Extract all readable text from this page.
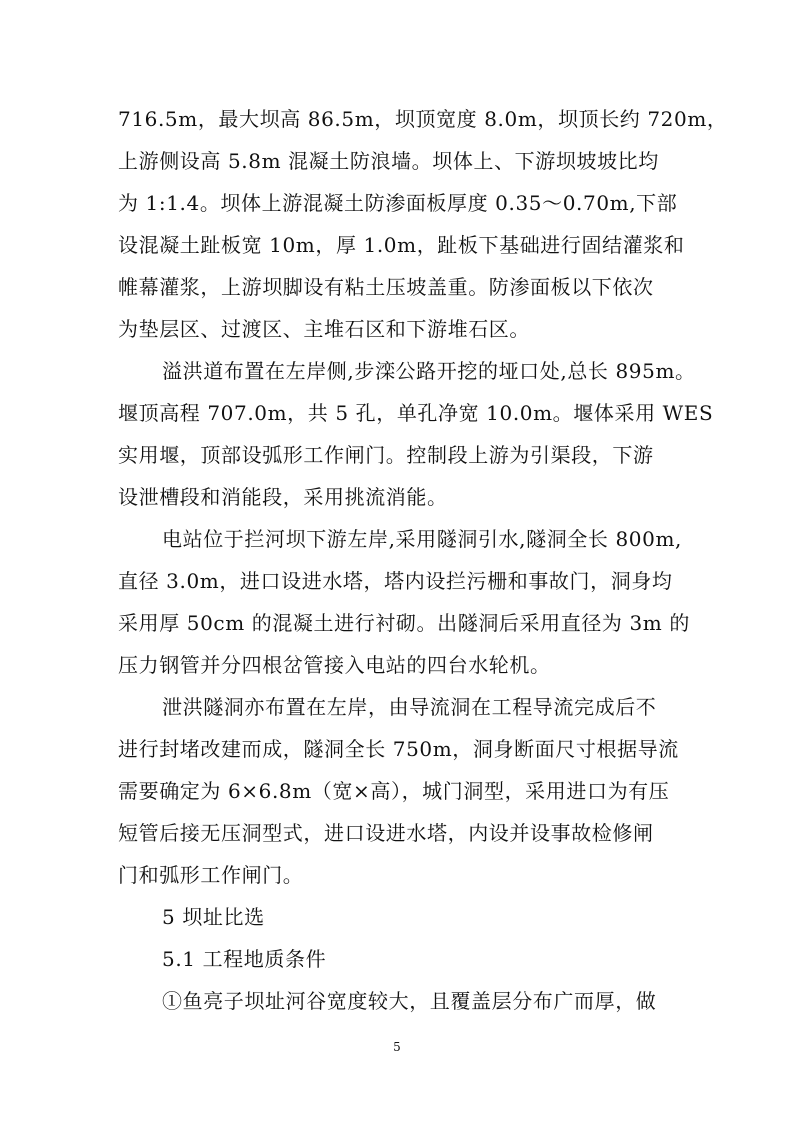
716.5m，最大坝高 86.5m，坝顶宽度 8.0m，坝顶长约 720m，
上游侧设高 5.8m 混凝土防浪墙。坝体上、下游坝坡坡比均
为 1:1.4。坝体上游混凝土防渗面板厚度 0.35～0.70m,下部
设混凝土趾板宽 10m，厚 1.0m，趾板下基础进行固结灌浆和
帷幕灌浆，上游坝脚设有粘土压坡盖重。防渗面板以下依次
为垫层区、过渡区、主堆石区和下游堆石区。
溢洪道布置在左岸侧,步滦公路开挖的垭口处,总长 895m。
堰顶高程 707.0m，共 5 孔，单孔净宽 10.0m。堰体采用 WES
实用堰，顶部设弧形工作闸门。控制段上游为引渠段，下游
设泄槽段和消能段，采用挑流消能。
电站位于拦河坝下游左岸,采用隧洞引水,隧洞全长 800m,
直径 3.0m，进口设进水塔，塔内设拦污栅和事故门，洞身均
采用厚 50cm 的混凝土进行衬砌。出隧洞后采用直径为 3m 的
压力钢管并分四根岔管接入电站的四台水轮机。
泄洪隧洞亦布置在左岸，由导流洞在工程导流完成后不
进行封堵改建而成，隧洞全长 750m，洞身断面尺寸根据导流
需要确定为 6×6.8m（宽×高），城门洞型，采用进口为有压
短管后接无压洞型式，进口设进水塔，内设并设事故检修闸
门和弧形工作闸门。
5 坝址比选
5.1 工程地质条件
①鱼亮子坝址河谷宽度较大，且覆盖层分布广而厚，做
5
